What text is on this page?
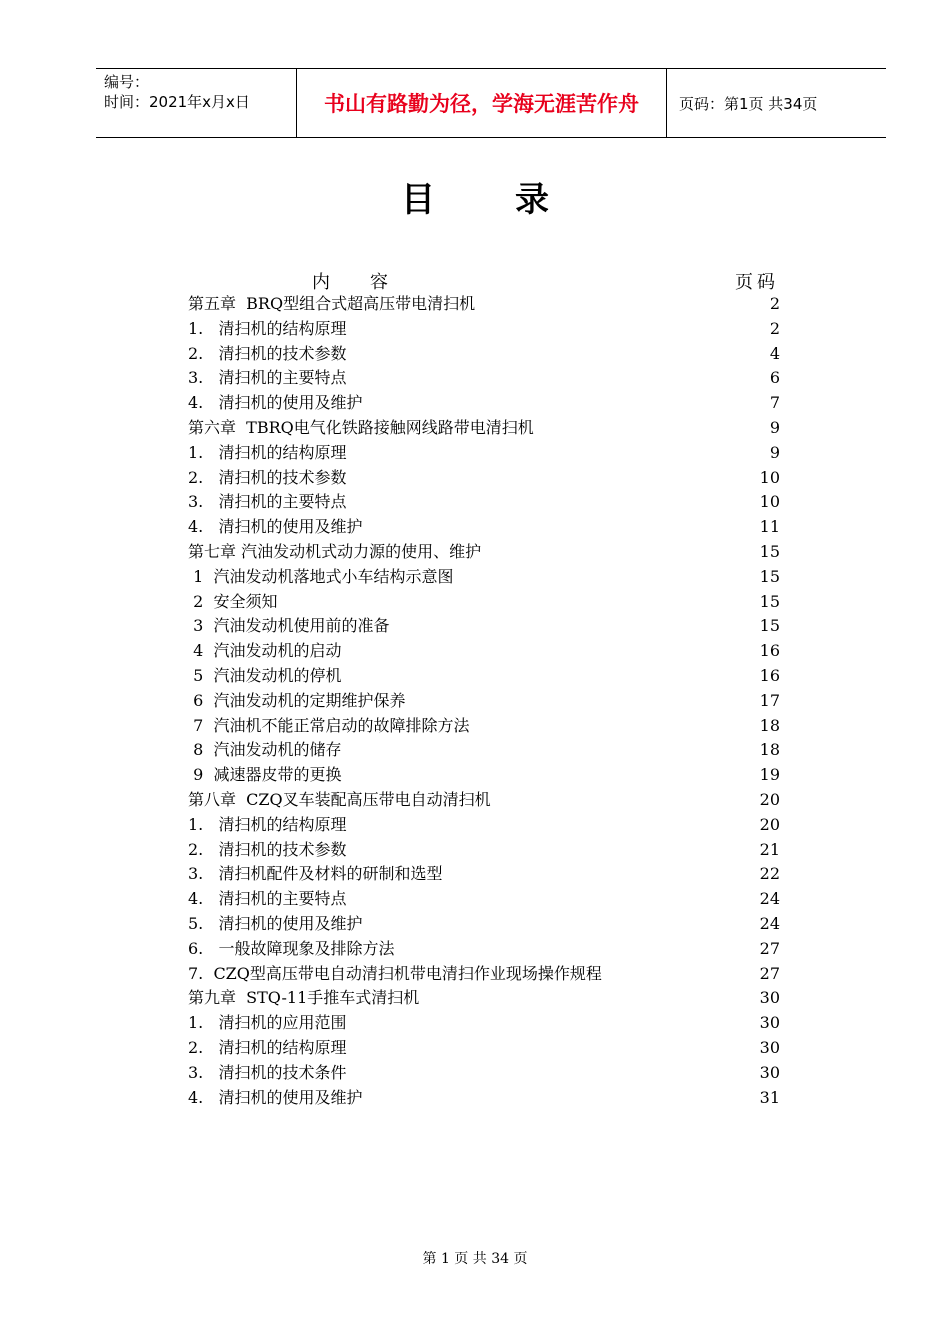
编号：
时间：2021年x月x日	书山有路勤为径，学海无涯苦作舟	页码：第1页 共34页
目录
内容	页码
第五章  BRQ型组合式超高压带电清扫机	2
1.   清扫机的结构原理	2
2.   清扫机的技术参数	4
3.   清扫机的主要特点	6
4.   清扫机的使用及维护	7
第六章  TBRQ电气化铁路接触网线路带电清扫机	9
1.   清扫机的结构原理	9
2.   清扫机的技术参数	10
3.   清扫机的主要特点	10
4.   清扫机的使用及维护	11
第七章 汽油发动机式动力源的使用、维护	15
1  汽油发动机落地式小车结构示意图	15
2  安全须知	15
3  汽油发动机使用前的准备	15
4  汽油发动机的启动	16
5  汽油发动机的停机	16
6  汽油发动机的定期维护保养	17
7  汽油机不能正常启动的故障排除方法	18
8  汽油发动机的储存	18
9  减速器皮带的更换	19
第八章  CZQ叉车装配高压带电自动清扫机	20
1.   清扫机的结构原理	20
2.   清扫机的技术参数	21
3.   清扫机配件及材料的研制和选型	22
4.   清扫机的主要特点	24
5.   清扫机的使用及维护	24
6.   一般故障现象及排除方法	27
7.  CZQ型高压带电自动清扫机带电清扫作业现场操作规程	27
第九章  STQ-11手推车式清扫机	30
1.   清扫机的应用范围	30
2.   清扫机的结构原理	30
3.   清扫机的技术条件	30
4.   清扫机的使用及维护	31
第 1 页 共 34 页
